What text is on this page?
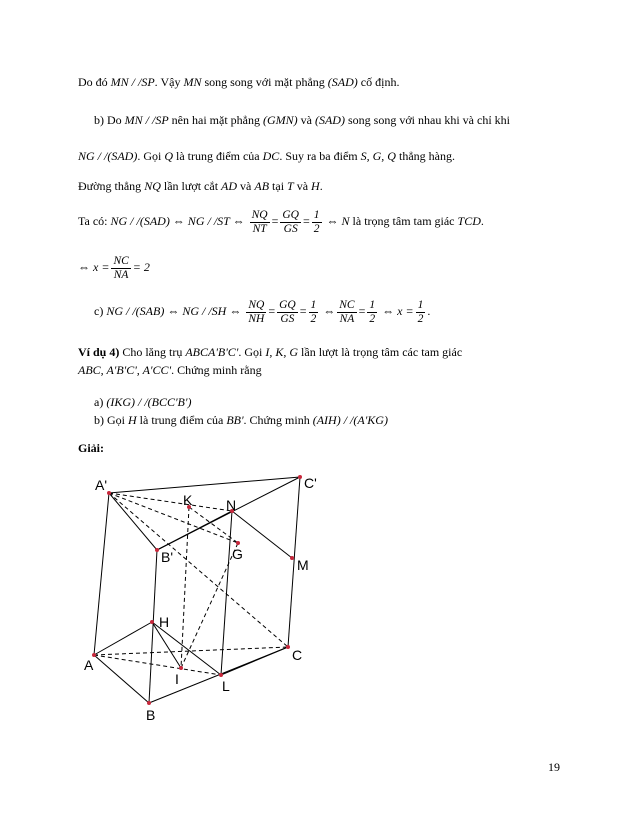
Do đó MN / /SP. Vậy MN song song với mặt phẳng (SAD) cố định.
b) Do MN / /SP nên hai mặt phẳng (GMN) và (SAD) song song với nhau khi và chỉ khi
NG / /(SAD). Gọi Q là trung điểm của DC. Suy ra ba điểm S, G, Q thẳng hàng.
Đường thẳng NQ lần lượt cắt AD và AB tại T và H.
Ta có: NG / /(SAD) ⇔ NG / /ST ⇔ $\frac{NQ}{NT} = \frac{GQ}{GS} = \frac{1}{2}$ ⇔ N là trọng tâm tam giác TCD.
⇔ $x = \frac{NC}{NA} = 2$
c) NG / /(SAB) ⇔ NG / /SH ⇔ $\frac{NQ}{NH} = \frac{GQ}{GS} = \frac{1}{2}$ ⇔ $\frac{NC}{NA} = \frac{1}{2}$ ⇔ $x = \frac{1}{2}$ .
Ví dụ 4) Cho lăng trụ ABCA'B'C'. Gọi I, K, G lần lượt là trọng tâm các tam giác
ABC, A'B'C', A'CC'. Chứng minh rằng
a) (IKG) / /(BCC'B')
b) Gọi H là trung điểm của BB'. Chứng minh (AIH) / /(A'KG)
Giải:
A'	C'
K N
B'	G
M
H
C
A
I	L
B
19
